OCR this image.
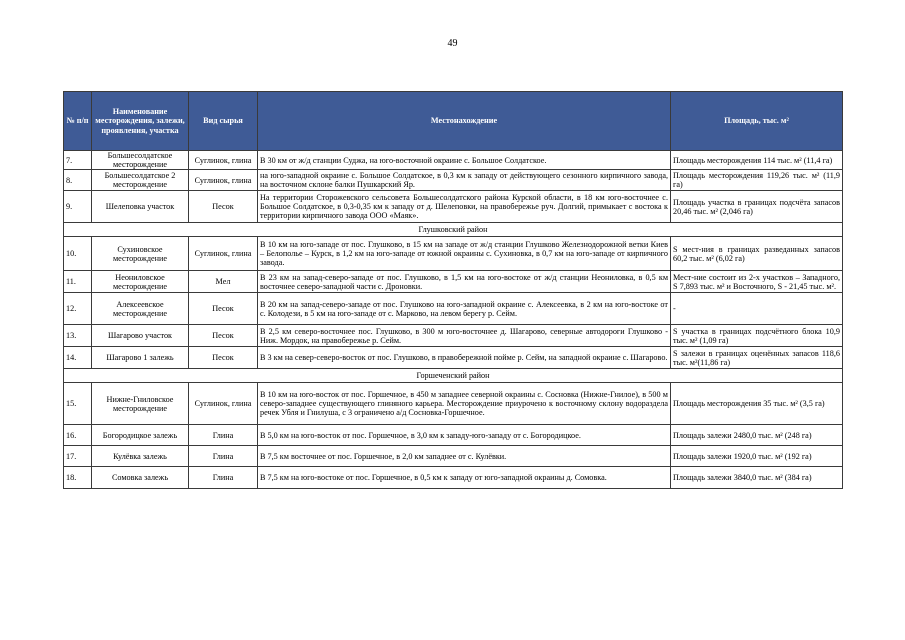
49
№ п/п	Наименование месторождения, залежи, проявления, участка	Вид сырья	Местонахождение	Площадь, тыс. м²
7.	Большесолдатское месторождение	Суглинок, глина	В 30 км от ж/д станции Суджа, на юго-восточной окраине с. Большое Солдатское.	Площадь месторождения 114 тыс. м² (11,4 га)
8.	Большесолдатское 2 месторождение	Суглинок, глина	на юго-западной окраине с. Большое Солдатское, в 0,3 км к западу от действующего сезонного кирпичного завода, на восточном склоне балки Пушкарский Яр.	Площадь месторождения 119,26 тыс. м² (11,9 га)
9.	Шелеповка участок	Песок	На территории Сторожевского сельсовета Большесолдатского района Курской области, в 18 км юго-восточнее с. Большое Солдатское, в 0,3-0,35 км к западу от д. Шелеповки, на правобережье руч. Долгий, примыкает с востока к территории кирпичного завода ООО «Маяк».	Площадь участка в границах подсчёта запасов 20,46 тыс. м² (2,046 га)
Глушковский район				
10.	Сухиновское месторождение	Суглинок, глина	В 10 км на юго-западе от пос. Глушково, в 15 км на западе от ж/д станции Глушково Железнодорожной ветки Киев – Белополье – Курск, в 1,2 км на юго-западе от южной окраины с. Сухиновка, в 0,7 км на юго-западе от кирпичного завода.	S мест-ния в границах разведанных запасов 60,2 тыс. м² (6,02 га)
11.	Неониловское месторождение	Мел	В 23 км на запад-северо-западе от пос. Глушково, в 1,5 км на юго-востоке от ж/д станции Неониловка, в 0,5 км восточнее северо-западной части с. Дроновки.	Мест-ние состоит из 2-х участков – Западного, S 7,893 тыс. м² и Восточного, S - 21,45 тыс. м².
12.	Алексеевское месторождение	Песок	В 20 км на запад-северо-западе от пос. Глушково на юго-западной окраине с. Алексеевка, в 2 км на юго-востоке от с. Колодези, в 5 км на юго-западе от с. Марково, на левом берегу р. Сейм.	-
13.	Шагарово участок	Песок	В 2,5 км северо-восточнее пос. Глушково, в 300 м юго-восточнее д. Шагарово, северные автодороги Глушково - Ниж. Мордок, на правобережье р. Сейм.	S участка в границах подсчётного блока 10,9 тыс. м² (1,09 га)
14.	Шагарово 1 залежь	Песок	В 3 км на север-северо-восток от пос. Глушково, в правобережной пойме р. Сейм, на западной окраине с. Шагарово.	S залежи в границах оценённых запасов 118,6 тыс. м²(11,86 га)
Горшеченский район				
15.	Нижне-Гниловское месторождение	Суглинок, глина	В 10 км на юго-восток от пос. Горшечное, в 450 м западнее северной окраины с. Сосновка (Нижне-Гнилое), в 500 м северо-западнее существующего глиняного карьера. Месторождение приурочено к восточному склону водораздела речек Убля и Гнилуша, с 3 ограничено а/д Сосновка-Горшечное.	Площадь месторождения 35 тыс. м² (3,5 га)
16.	Богородицкое залежь	Глина	В 5,0 км на юго-восток от пос. Горшечное, в 3,0 км к западу-юго-западу от с. Богородицкое.	Площадь залежи 2480,0 тыс. м² (248 га)
17.	Кулёвка залежь	Глина	В 7,5 км восточнее от пос. Горшечное, в 2,0 км западнее от с. Кулёвки.	Площадь залежи 1920,0 тыс. м² (192 га)
18.	Сомовка залежь	Глина	В 7,5 км на юго-востоке от пос. Горшечное, в 0,5 км к западу от юго-западной окраины д. Сомовка.	Площадь залежи 3840,0 тыс. м² (384 га)
